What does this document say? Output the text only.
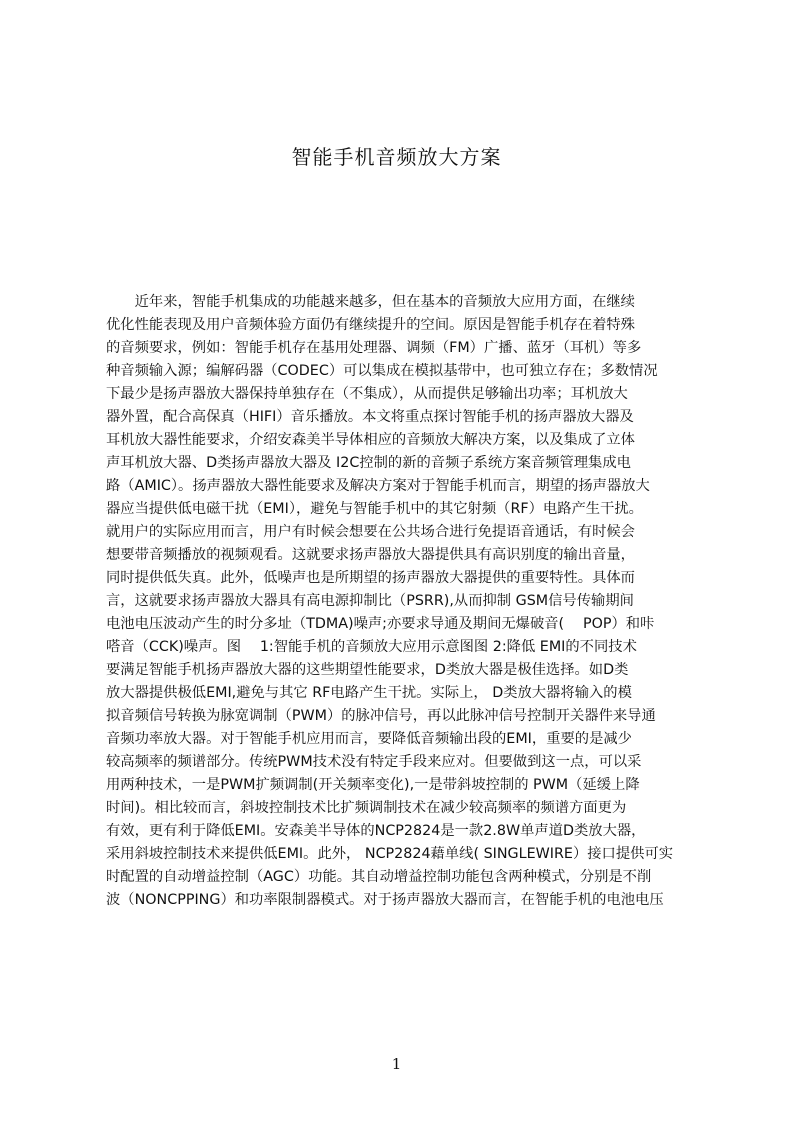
智能手机音频放大方案
　　近年来，智能手机集成的功能越来越多，但在基本的音频放大应用方面，在继续
优化性能表现及用户音频体验方面仍有继续提升的空间。原因是智能手机存在着特殊
的音频要求，例如：智能手机存在基用处理器、调频（FM）广播、蓝牙（耳机）等多
种音频输入源；编解码器（CODEC）可以集成在模拟基带中，也可独立存在；多数情况
下最少是扬声器放大器保持单独存在（不集成），从而提供足够输出功率；耳机放大
器外置，配合高保真（HIFI）音乐播放。本文将重点探讨智能手机的扬声器放大器及
耳机放大器性能要求，介绍安森美半导体相应的音频放大解决方案，以及集成了立体
声耳机放大器、D类扬声器放大器及 I2C控制的新的音频子系统方案音频管理集成电
路（AMIC）。扬声器放大器性能要求及解决方案对于智能手机而言，期望的扬声器放大
器应当提供低电磁干扰（EMI），避免与智能手机中的其它射频（RF）电路产生干扰。
就用户的实际应用而言，用户有时候会想要在公共场合进行免提语音通话，有时候会
想要带音频播放的视频观看。这就要求扬声器放大器提供具有高识别度的输出音量，
同时提供低失真。此外，低噪声也是所期望的扬声器放大器提供的重要特性。具体而
言，这就要求扬声器放大器具有高电源抑制比（PSRR),从而抑制 GSM信号传输期间
电池电压波动产生的时分多址（TDMA)噪声;亦要求导通及期间无爆破音(　 POP）和咔
嗒音（CCK)噪声。图　 1:智能手机的音频放大应用示意图图 2:降低 EMI的不同技术
要满足智能手机扬声器放大器的这些期望性能要求，D类放大器是极佳选择。如D类
放大器提供极低EMI,避免与其它 RF电路产生干扰。实际上， D类放大器将输入的模
拟音频信号转换为脉宽调制（PWM）的脉冲信号，再以此脉冲信号控制开关器件来导通
音频功率放大器。对于智能手机应用而言，要降低音频输出段的EMI，重要的是减少
较高频率的频谱部分。传统PWM技术没有特定手段来应对。但要做到这一点，可以采
用两种技术，一是PWM扩频调制(开关频率变化),一是带斜坡控制的 PWM（延缓上降
时间)。相比较而言，斜坡控制技术比扩频调制技术在减少较高频率的频谱方面更为
有效，更有利于降低EMI。安森美半导体的NCP2824是一款2.8W单声道D类放大器，
采用斜坡控制技术来提供低EMI。此外， NCP2824藉单线( SINGLEWIRE）接口提供可实
时配置的自动增益控制（AGC）功能。其自动增益控制功能包含两种模式，分别是不削
波（NONCPPING）和功率限制器模式。对于扬声器放大器而言，在智能手机的电池电压
1
